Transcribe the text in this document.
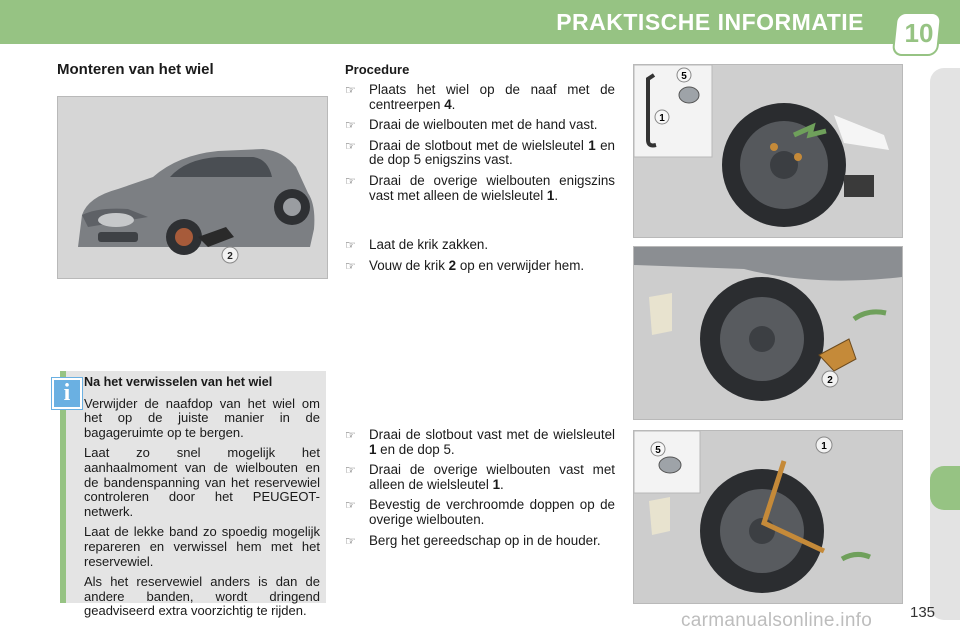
PRAKTISCHE INFORMATIE 10
Monteren van het wiel
2
Na het verwisselen van het wiel

Verwijder de naafdop van het wiel om het op de juiste manier in de bagageruimte op te bergen.

Laat zo snel mogelijk het aanhaalmoment van de wielbouten en de bandenspanning van het reservewiel controleren door het PEUGEOT-netwerk.

Laat de lekke band zo spoedig mogelijk repareren en verwissel hem met het reservewiel.

Als het reservewiel anders is dan de andere banden, wordt dringend geadviseerd extra voorzichtig te rijden.

i
Procedure
☞ Plaats het wiel op de naaf met de centreerpen 4.
☞ Draai de wielbouten met de hand vast.
☞ Draai de slotbout met de wielsleutel 1 en de dop 5 enigszins vast.
☞ Draai de overige wielbouten enigszins vast met alleen de wielsleutel 1.
☞ Laat de krik zakken.
☞ Vouw de krik 2 op en verwijder hem.
☞ Draai de slotbout vast met de wielsleutel 1 en de dop 5.
☞ Draai de overige wielbouten vast met alleen de wielsleutel 1.
☞ Bevestig de verchroomde doppen op de overige wielbouten.
☞ Berg het gereedschap op in de houder.
5
1
2
5	1
135
carmanualsonline.info
